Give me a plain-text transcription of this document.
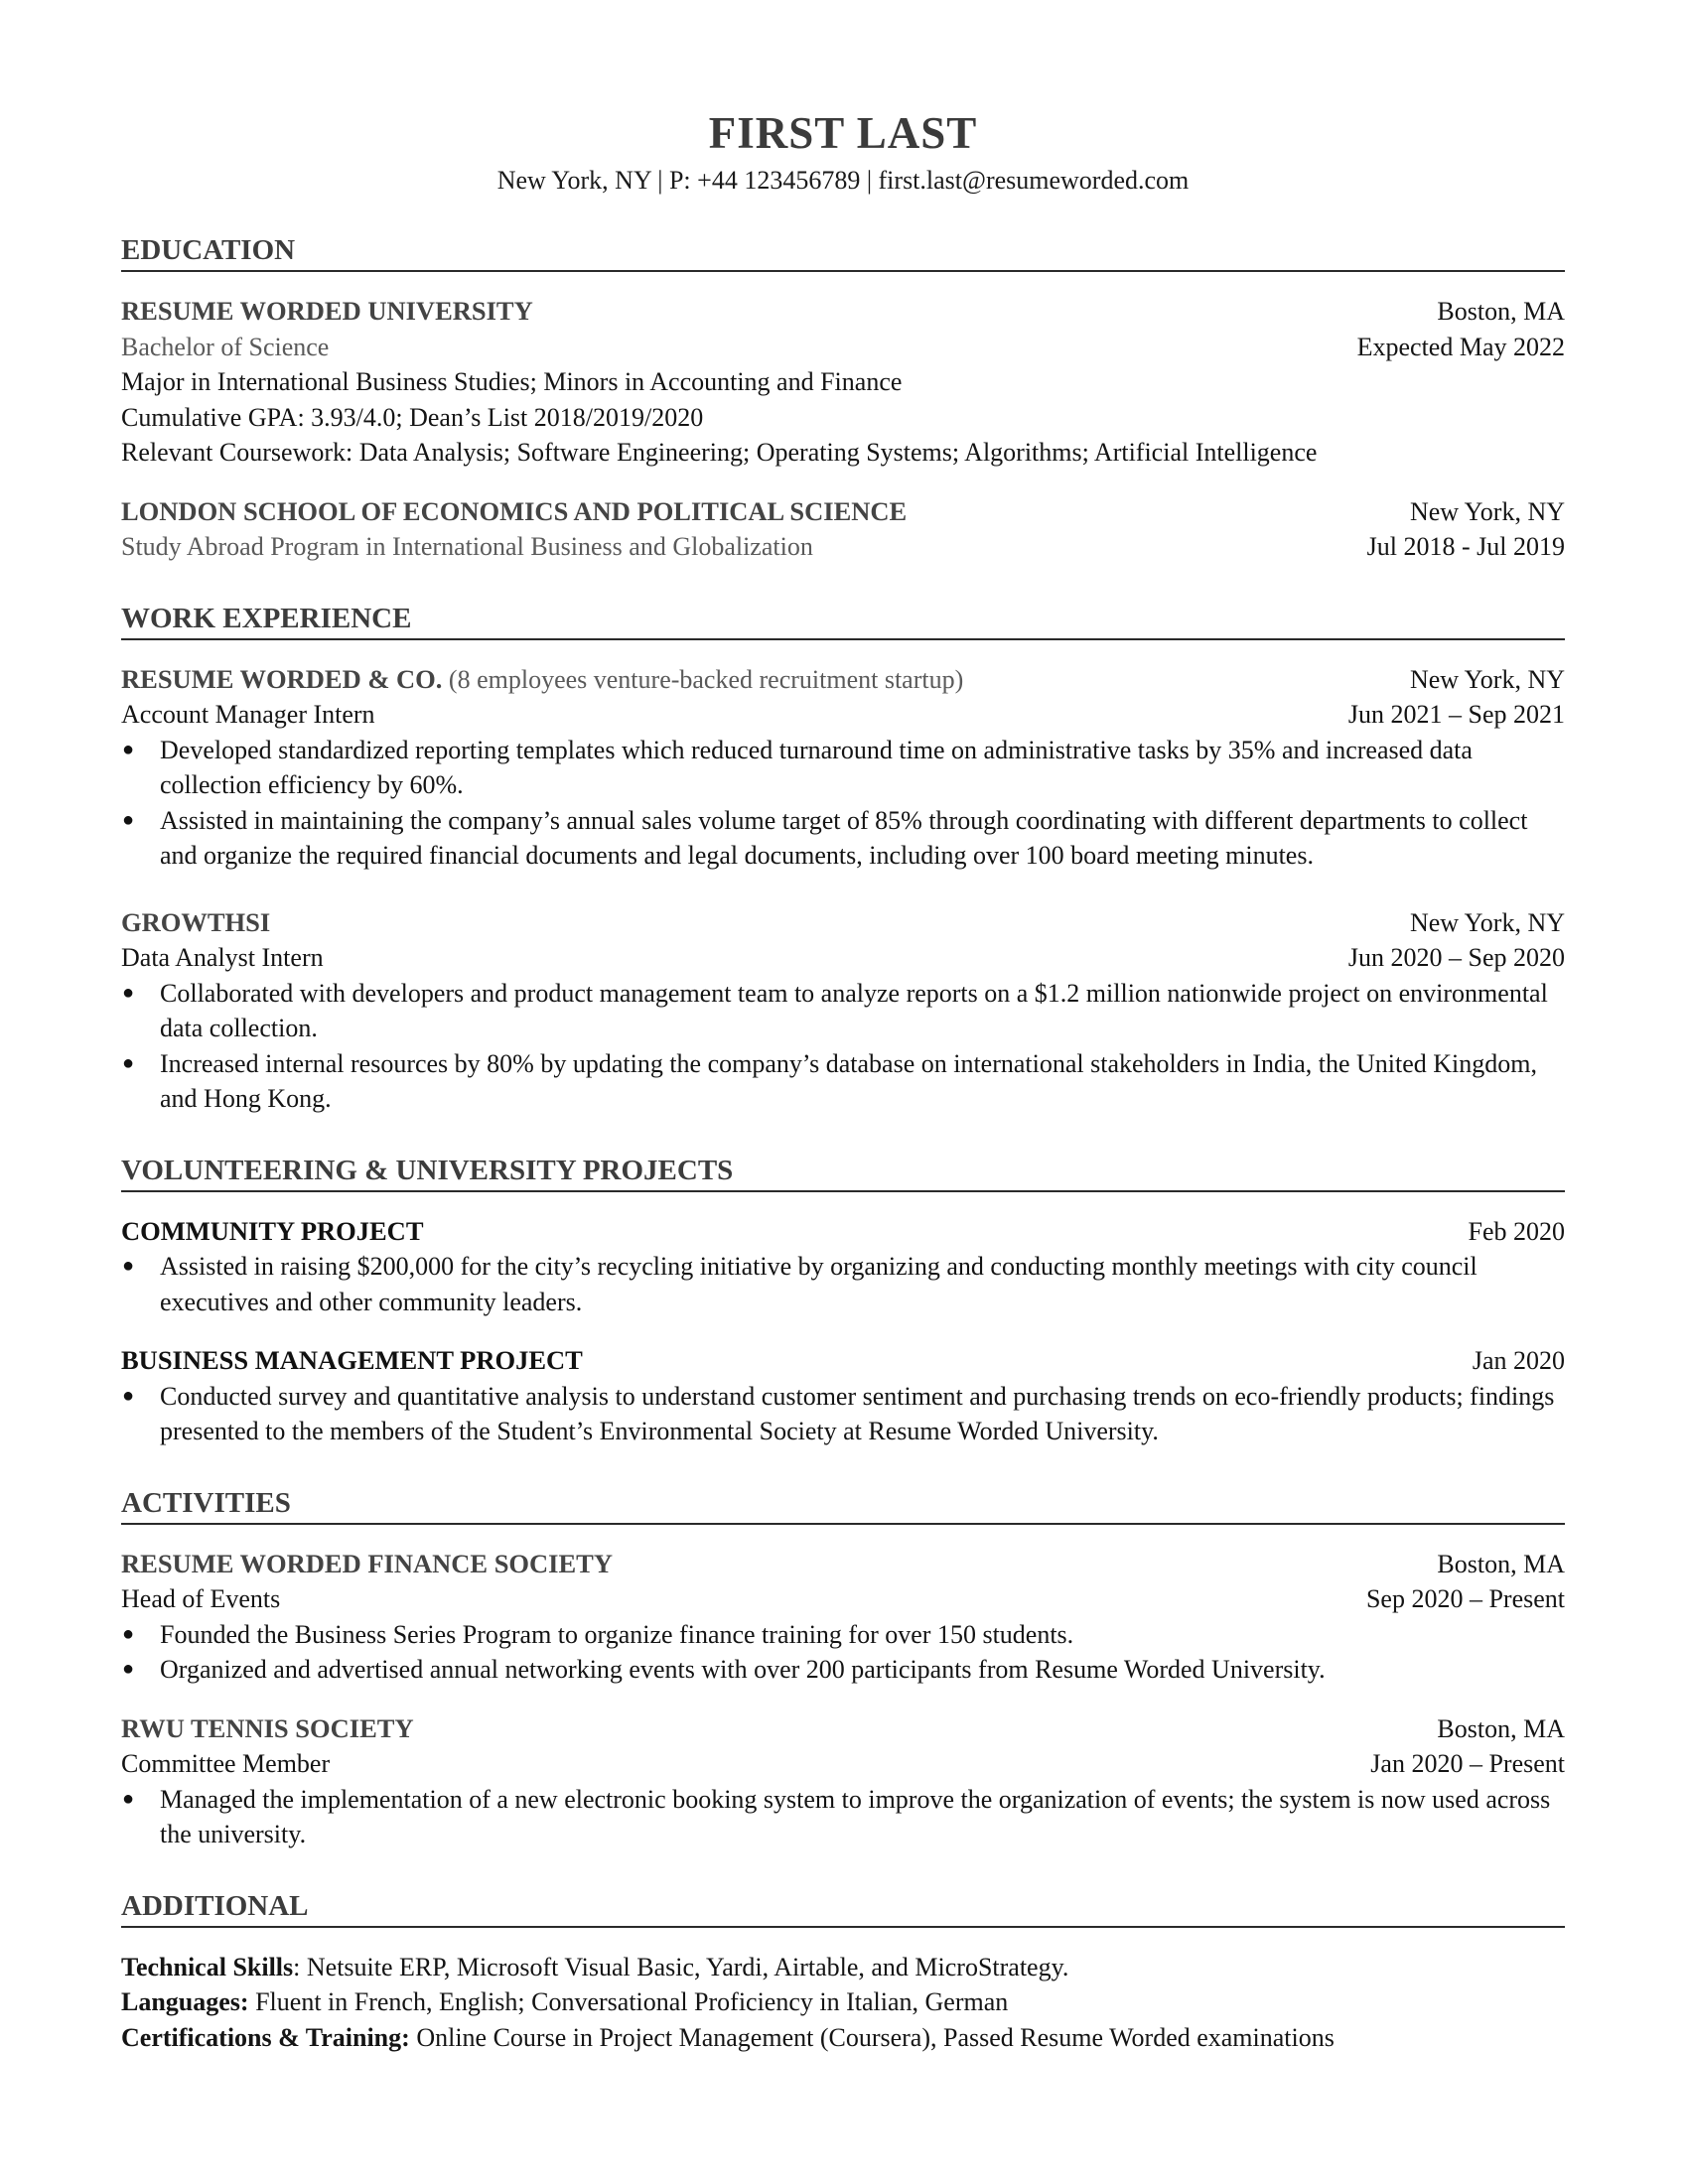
FIRST LAST
New York, NY | P: +44 123456789 | first.last@resumeworded.com
EDUCATION
RESUME WORDED UNIVERSITY	Boston, MA
Bachelor of Science	Expected May 2022
Major in International Business Studies; Minors in Accounting and Finance
Cumulative GPA: 3.93/4.0; Dean’s List 2018/2019/2020
Relevant Coursework: Data Analysis; Software Engineering; Operating Systems; Algorithms; Artificial Intelligence
LONDON SCHOOL OF ECONOMICS AND POLITICAL SCIENCE	New York, NY
Study Abroad Program in International Business and Globalization	Jul 2018 - Jul 2019
WORK EXPERIENCE
RESUME WORDED & CO. (8 employees venture-backed recruitment startup)	New York, NY
Account Manager Intern	Jun 2021 – Sep 2021
● Developed standardized reporting templates which reduced turnaround time on administrative tasks by 35% and increased data collection efficiency by 60%.
● Assisted in maintaining the company’s annual sales volume target of 85% through coordinating with different departments to collect and organize the required financial documents and legal documents, including over 100 board meeting minutes.
GROWTHSI	New York, NY
Data Analyst Intern	Jun 2020 – Sep 2020
● Collaborated with developers and product management team to analyze reports on a $1.2 million nationwide project on environmental data collection.
● Increased internal resources by 80% by updating the company’s database on international stakeholders in India, the United Kingdom, and Hong Kong.
VOLUNTEERING & UNIVERSITY PROJECTS
COMMUNITY PROJECT	Feb 2020
● Assisted in raising $200,000 for the city’s recycling initiative by organizing and conducting monthly meetings with city council executives and other community leaders.
BUSINESS MANAGEMENT PROJECT	Jan 2020
● Conducted survey and quantitative analysis to understand customer sentiment and purchasing trends on eco-friendly products; findings presented to the members of the Student’s Environmental Society at Resume Worded University.
ACTIVITIES
RESUME WORDED FINANCE SOCIETY	Boston, MA
Head of Events	Sep 2020 – Present
● Founded the Business Series Program to organize finance training for over 150 students.
● Organized and advertised annual networking events with over 200 participants from Resume Worded University.
RWU TENNIS SOCIETY	Boston, MA
Committee Member	Jan 2020 – Present
● Managed the implementation of a new electronic booking system to improve the organization of events; the system is now used across the university.
ADDITIONAL
Technical Skills: Netsuite ERP, Microsoft Visual Basic, Yardi, Airtable, and MicroStrategy.
Languages: Fluent in French, English; Conversational Proficiency in Italian, German
Certifications & Training: Online Course in Project Management (Coursera), Passed Resume Worded examinations
